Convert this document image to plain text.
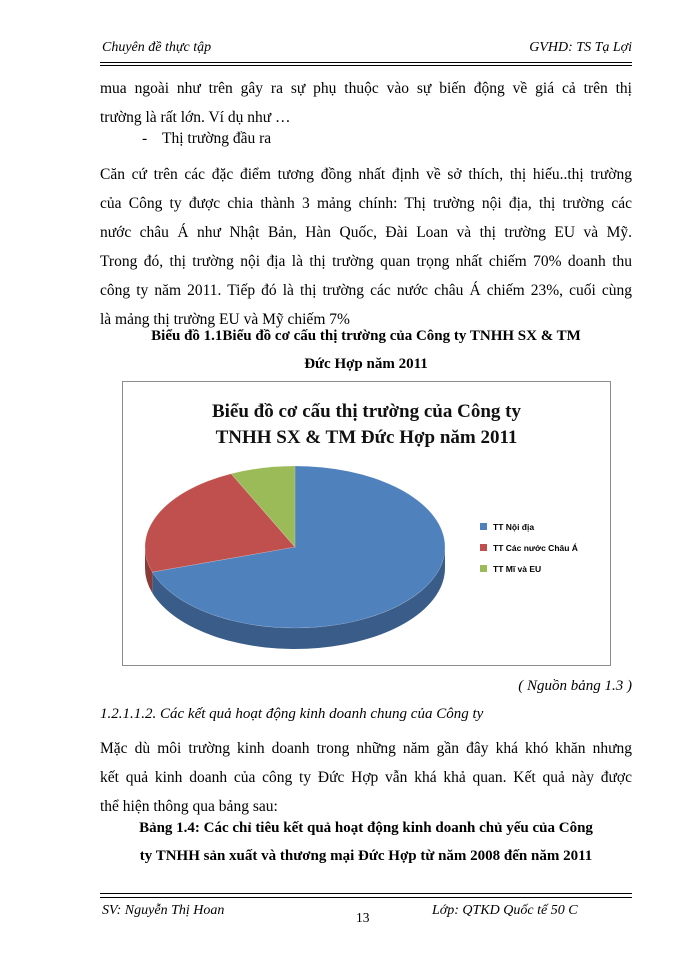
Chuyên đề thực tập	GVHD: TS Tạ Lợi
mua ngoài như trên gây ra sự phụ thuộc vào sự biến động về giá cả trên thị
trường là rất lớn. Ví dụ như …
- Thị trường đầu ra
Căn cứ trên các đặc điểm tương đồng nhất định về sở thích, thị hiếu..thị trường
của Công ty được chia thành 3 mảng chính: Thị trường nội địa, thị trường các
nước châu Á như Nhật Bản, Hàn Quốc, Đài Loan và thị trường EU và Mỹ.
Trong đó, thị trường nội địa là thị trường quan trọng nhất chiếm 70% doanh thu
công ty năm 2011. Tiếp đó là thị trường các nước châu Á chiếm 23%, cuối cùng
là mảng thị trường EU và Mỹ chiếm 7%
Biểu đồ 1.1Biểu đồ cơ cấu thị trường của Công ty TNHH SX & TM
Đức Hợp năm 2011
Biểu đồ cơ cấu thị trường của Công ty
TNHH SX & TM Đức Hợp năm 2011
TT Nội địa
TT Các nước Châu Á
TT Mĩ và EU
( Nguồn bảng 1.3 )
1.2.1.1.2. Các kết quả hoạt động kinh doanh chung của Công ty
Mặc dù môi trường kinh doanh trong những năm gần đây khá khó khăn nhưng
kết quả kinh doanh của công ty Đức Hợp vẫn khá khả quan. Kết quả này được
thể hiện thông qua bảng sau:
Bảng 1.4: Các chỉ tiêu kết quả hoạt động kinh doanh chủ yếu của Công
ty TNHH sản xuất và thương mại Đức Hợp từ năm 2008 đến năm 2011
SV: Nguyễn Thị Hoan	13	Lớp: QTKD Quốc tế 50 C
